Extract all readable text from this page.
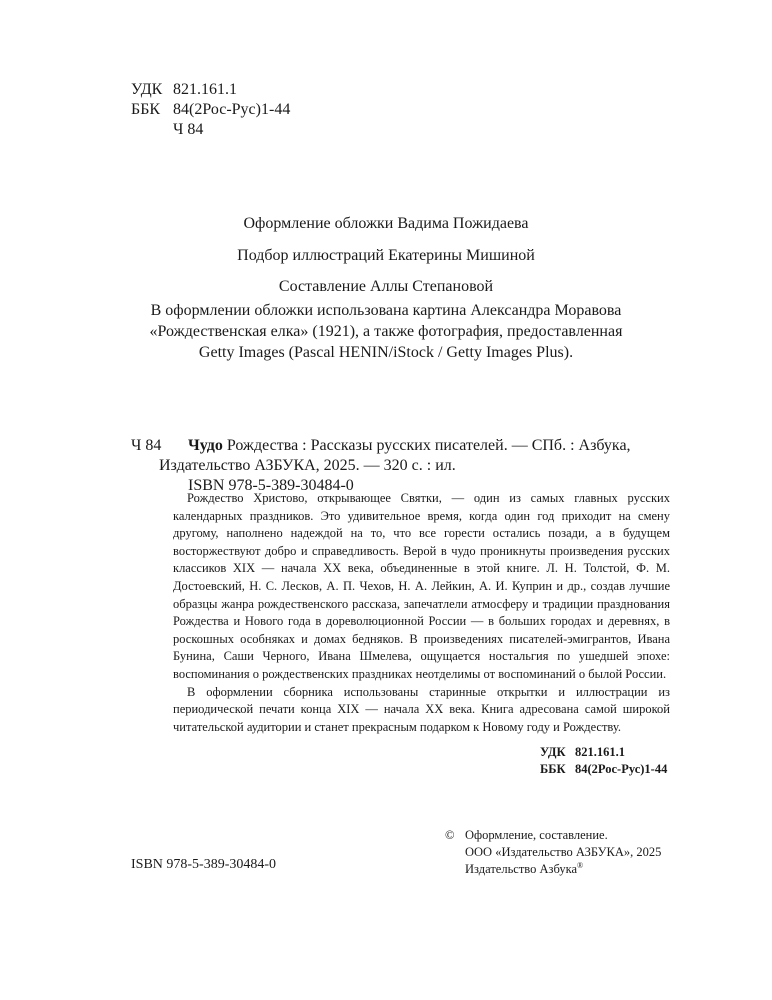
УДК 821.161.1
ББК 84(2Рос-Рус)1-44
Ч 84
Оформление обложки Вадима Пожидаева
Подбор иллюстраций Екатерины Мишиной
Составление Аллы Степановой
В оформлении обложки использована картина Александра Моравова
«Рождественская елка» (1921), а также фотография, предоставленная
Getty Images (Pascal HENIN/iStock / Getty Images Plus).
Ч 84	Чудо Рождества : Рассказы русских писателей. — СПб. : Азбука,
Издательство АЗБУКА, 2025. — 320 с. : ил.
ISBN 978-5-389-30484-0

Рождество Христово, открывающее Святки, — один из самых главных русских календарных праздников. Это удивительное время, когда один год приходит на смену другому, наполнено надеждой на то, что все горести остались позади, а в будущем восторжествуют добро и справедливость. Верой в чудо проникнуты произведения русских классиков XIX — начала XX века, объединенные в этой книге. Л. Н. Толстой, Ф. М. Достоевский, Н. С. Лесков, А. П. Чехов, Н. А. Лейкин, А. И. Куприн и др., создав лучшие образцы жанра рождественского рассказа, запечатлели атмосферу и традиции празднования Рождества и Нового года в дореволюционной России — в больших городах и деревнях, в роскошных особняках и домах бедняков. В произведениях писателей-эмигрантов, Ивана Бунина, Саши Черного, Ивана Шмелева, ощущается ностальгия по ушедшей эпохе: воспоминания о рождественских праздниках неотделимы от воспоминаний о былой России.

В оформлении сборника использованы старинные открытки и иллюстрации из периодической печати конца XIX — начала XX века. Книга адресована самой широкой читательской аудитории и станет прекрасным подарком к Новому году и Рождеству.

УДК 821.161.1
ББК 84(2Рос-Рус)1-44
ISBN 978-5-389-30484-0
© Оформление, составление.
ООО «Издательство АЗБУКА», 2025
Издательство Азбука®
